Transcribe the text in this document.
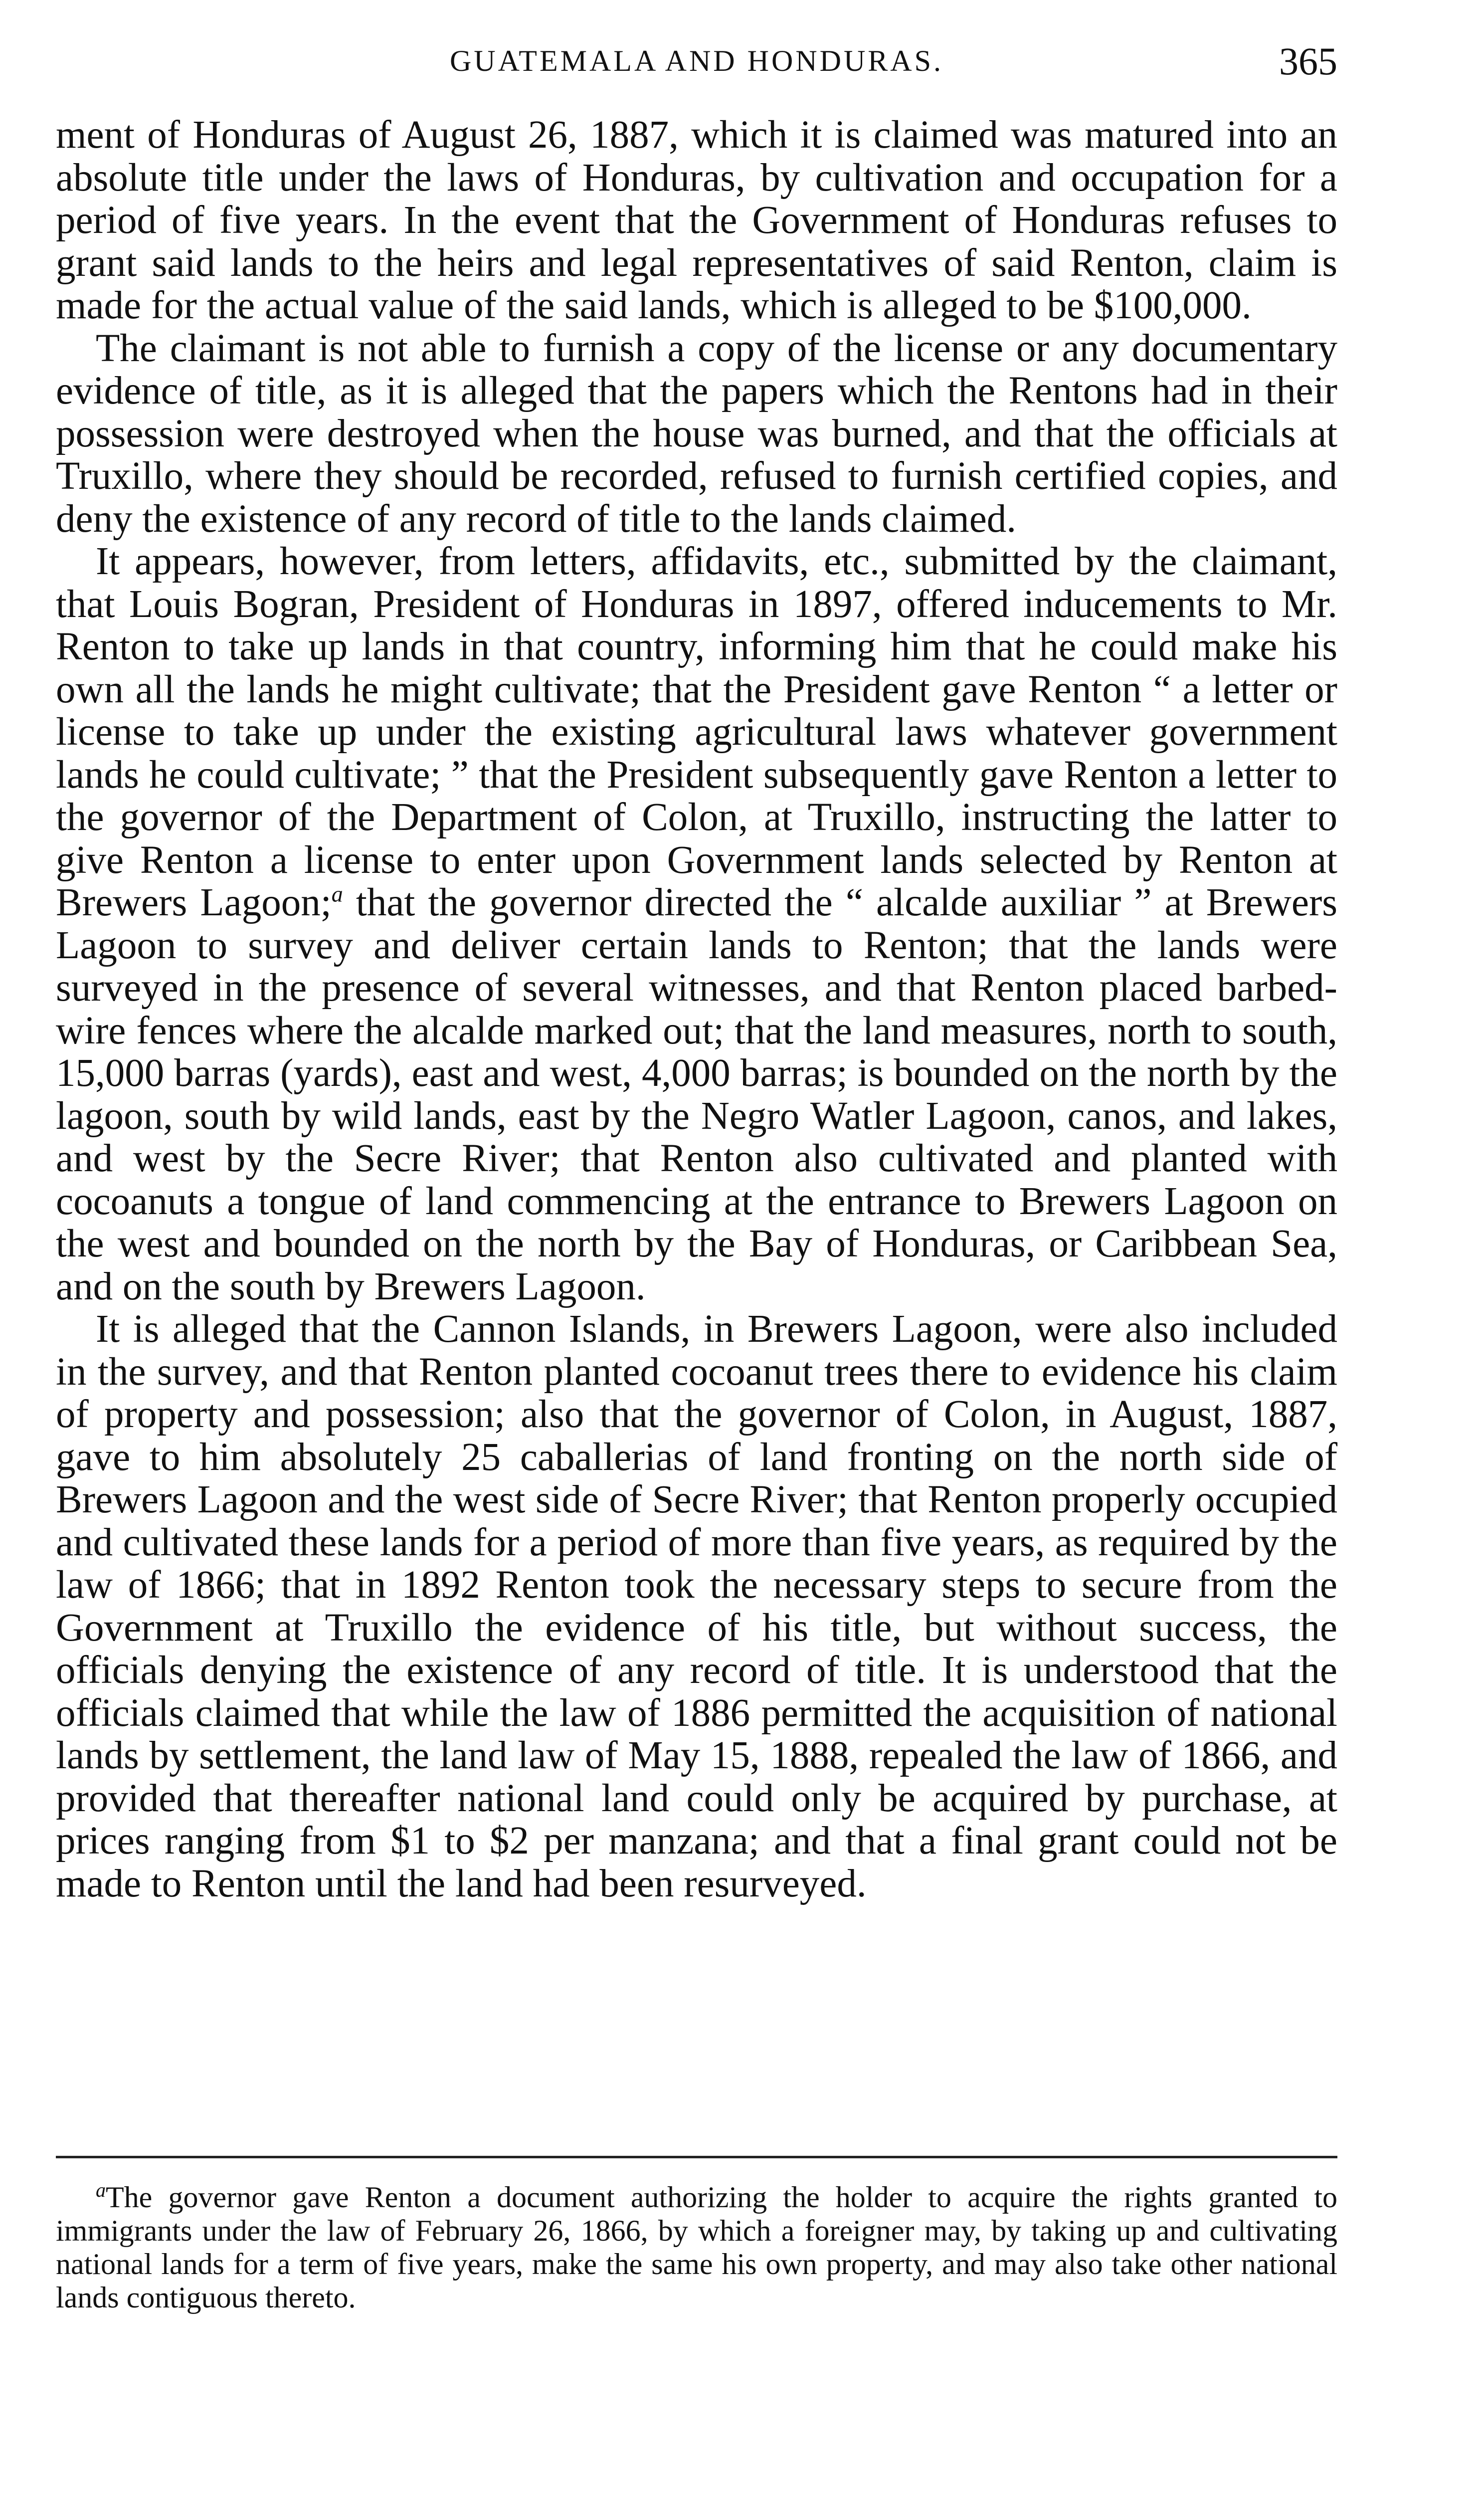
GUATEMALA AND HONDURAS.	365

ment of Honduras of August 26, 1887, which it is claimed was matured into an absolute title under the laws of Honduras, by cultivation and occupation for a period of five years. In the event that the Government of Honduras refuses to grant said lands to the heirs and legal representatives of said Renton, claim is made for the actual value of the said lands, which is alleged to be $100,000.

The claimant is not able to furnish a copy of the license or any documentary evidence of title, as it is alleged that the papers which the Rentons had in their possession were destroyed when the house was burned, and that the officials at Truxillo, where they should be recorded, refused to furnish certified copies, and deny the existence of any record of title to the lands claimed.

It appears, however, from letters, affidavits, etc., submitted by the claimant, that Louis Bogran, President of Honduras in 1897, offered inducements to Mr. Renton to take up lands in that country, informing him that he could make his own all the lands he might cultivate; that the President gave Renton “ a letter or license to take up under the existing agricultural laws whatever government lands he could cultivate; ” that the President subsequently gave Renton a letter to the governor of the Department of Colon, at Truxillo, instructing the latter to give Renton a license to enter upon Government lands selected by Renton at Brewers Lagoon;$^a$ that the governor directed the “ alcalde auxiliar ” at Brewers Lagoon to survey and deliver certain lands to Renton; that the lands were surveyed in the presence of several witnesses, and that Renton placed barbed-wire fences where the alcalde marked out; that the land measures, north to south, 15,000 barras (yards), east and west, 4,000 barras; is bounded on the north by the lagoon, south by wild lands, east by the Negro Watler Lagoon, canos, and lakes, and west by the Secre River; that Renton also cultivated and planted with cocoanuts a tongue of land commencing at the entrance to Brewers Lagoon on the west and bounded on the north by the Bay of Honduras, or Caribbean Sea, and on the south by Brewers Lagoon.

It is alleged that the Cannon Islands, in Brewers Lagoon, were also included in the survey, and that Renton planted cocoanut trees there to evidence his claim of property and possession; also that the governor of Colon, in August, 1887, gave to him absolutely 25 caballerias of land fronting on the north side of Brewers Lagoon and the west side of Secre River; that Renton properly occupied and cultivated these lands for a period of more than five years, as required by the law of 1866; that in 1892 Renton took the necessary steps to secure from the Government at Truxillo the evidence of his title, but without success, the officials denying the existence of any record of title. It is understood that the officials claimed that while the law of 1886 permitted the acquisition of national lands by settlement, the land law of May 15, 1888, repealed the law of 1866, and provided that thereafter national land could only be acquired by purchase, at prices ranging from $1 to $2 per manzana; and that a final grant could not be made to Renton until the land had been resurveyed.

$^a$The governor gave Renton a document authorizing the holder to acquire the rights granted to immigrants under the law of February 26, 1866, by which a foreigner may, by taking up and cultivating national lands for a term of five years, make the same his own property, and may also take other national lands contiguous thereto.
